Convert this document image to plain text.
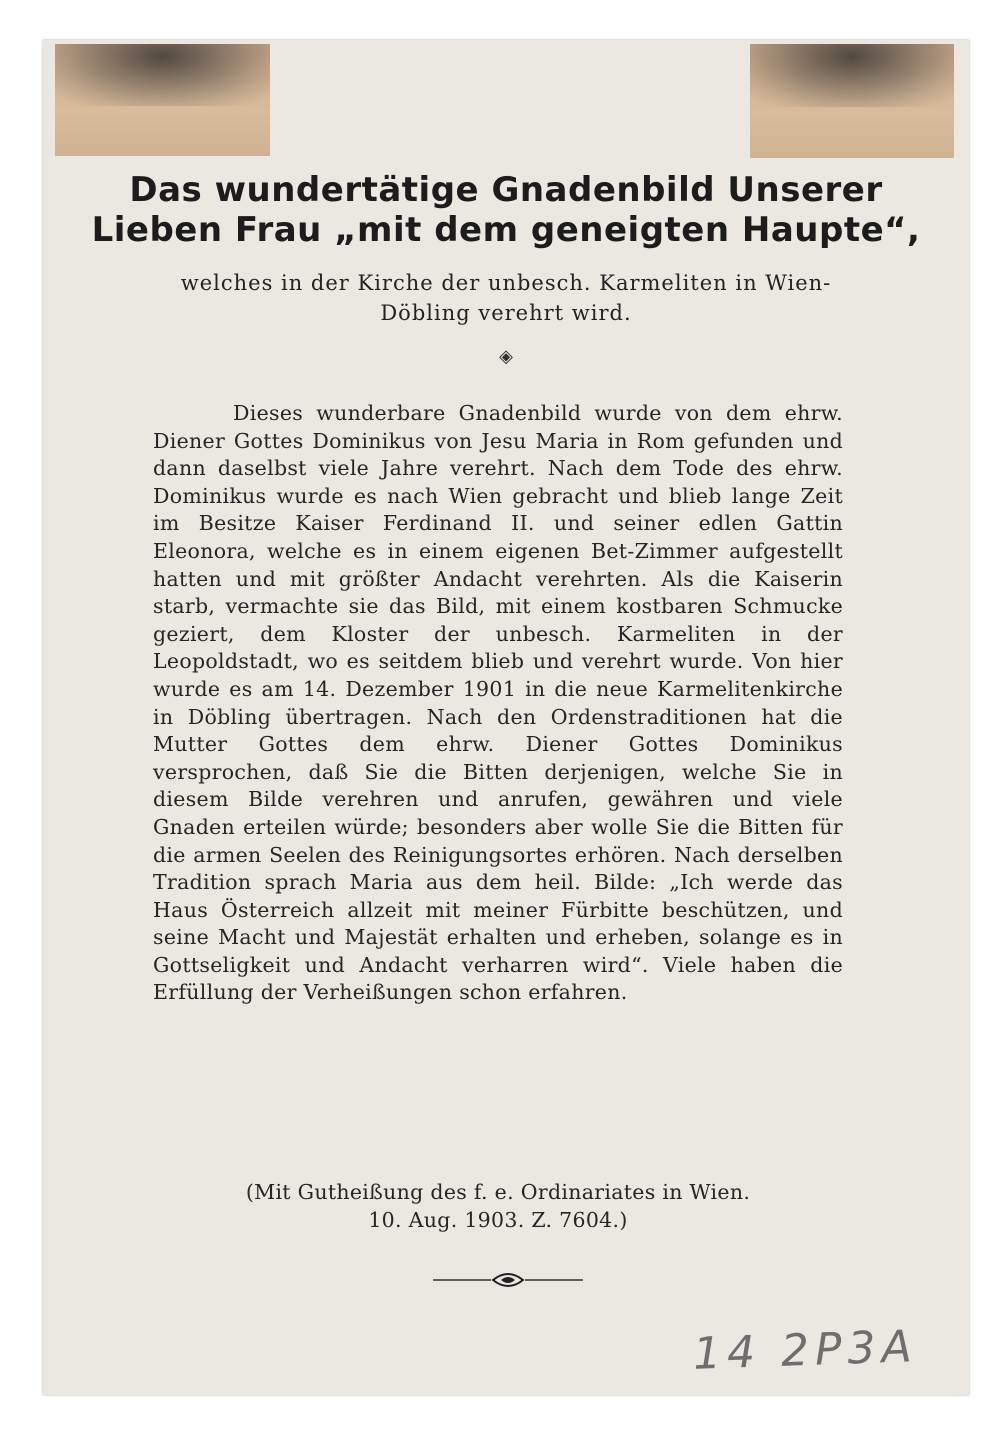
Das wundertätige Gnadenbild Unserer
Lieben Frau „mit dem geneigten Haupte“,
welches in der Kirche der unbesch. Karmeliten in Wien-Döbling verehrt wird.
◈
Dieses wunderbare Gnadenbild wurde von dem ehrw. Diener Gottes Dominikus von Jesu Maria in Rom gefunden und dann daselbst viele Jahre verehrt. Nach dem Tode des ehrw. Dominikus wurde es nach Wien gebracht und blieb lange Zeit im Besitze Kaiser Ferdinand II. und seiner edlen Gattin Eleonora, welche es in einem eigenen Bet-Zimmer aufgestellt hatten und mit größter Andacht verehrten. Als die Kaiserin starb, vermachte sie das Bild, mit einem kostbaren Schmucke geziert, dem Kloster der unbesch. Karmeliten in der Leopoldstadt, wo es seitdem blieb und verehrt wurde. Von hier wurde es am 14. Dezember 1901 in die neue Karmelitenkirche in Döbling übertragen. Nach den Ordenstraditionen hat die Mutter Gottes dem ehrw. Diener Gottes Dominikus versprochen, daß Sie die Bitten derjenigen, welche Sie in diesem Bilde verehren und anrufen, gewähren und viele Gnaden erteilen würde; besonders aber wolle Sie die Bitten für die armen Seelen des Reinigungsortes erhören. Nach derselben Tradition sprach Maria aus dem heil. Bilde: „Ich werde das Haus Österreich allzeit mit meiner Fürbitte beschützen, und seine Macht und Majestät erhalten und erheben, solange es in Gottseligkeit und Andacht verharren wird“. Viele haben die Erfüllung der Verheißungen schon erfahren.
(Mit Gutheißung des f. e. Ordinariates in Wien.
10. Aug. 1903. Z. 7604.)
14 2P3A
